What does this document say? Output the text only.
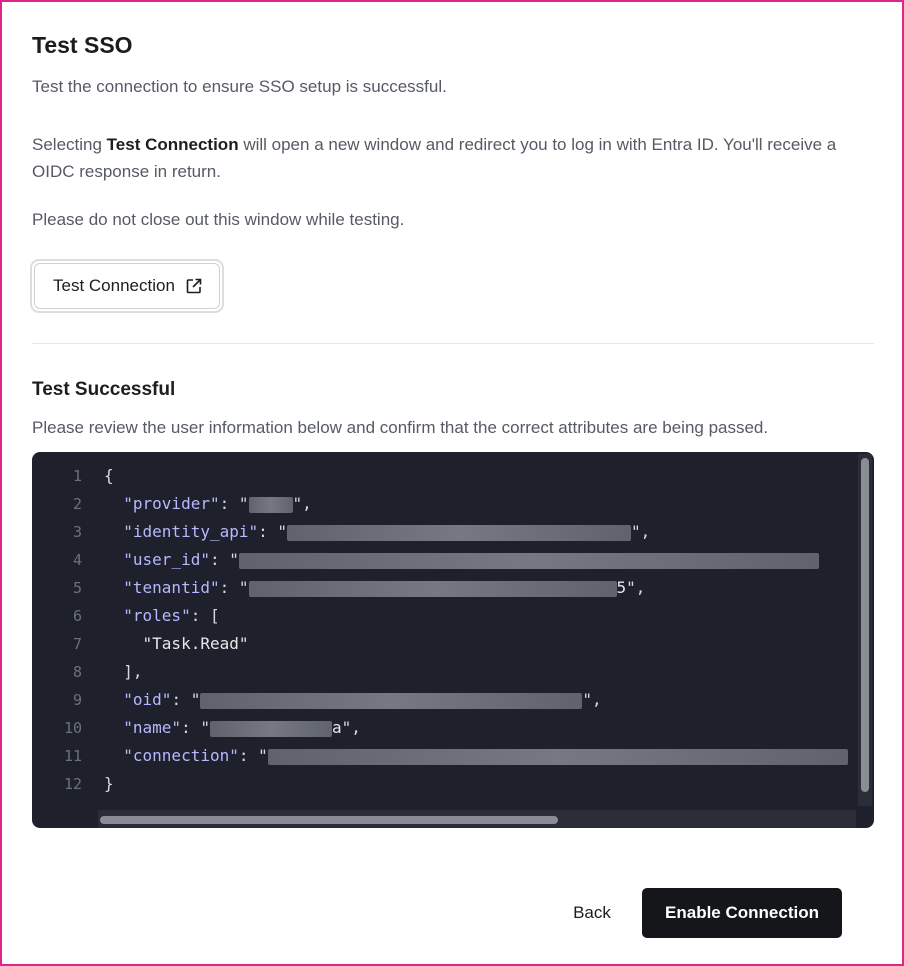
Test SSO
Test the connection to ensure SSO setup is successful.
Selecting Test Connection will open a new window and redirect you to log in with Entra ID. You'll receive a OIDC response in return.
Please do not close out this window while testing.
Test Connection
Test Successful
Please review the user information below and confirm that the correct attributes are being passed.
1
2
3
4
5
6
7
8
9
10
11
12
{
"provider": "	",
"identity_api": "	",
"user_id": "
"tenantid": "	5",
"roles": [
"Task.Read"
],
"oid": "	",
"name": "	a",
"connection": "
}
Back	Enable Connection
